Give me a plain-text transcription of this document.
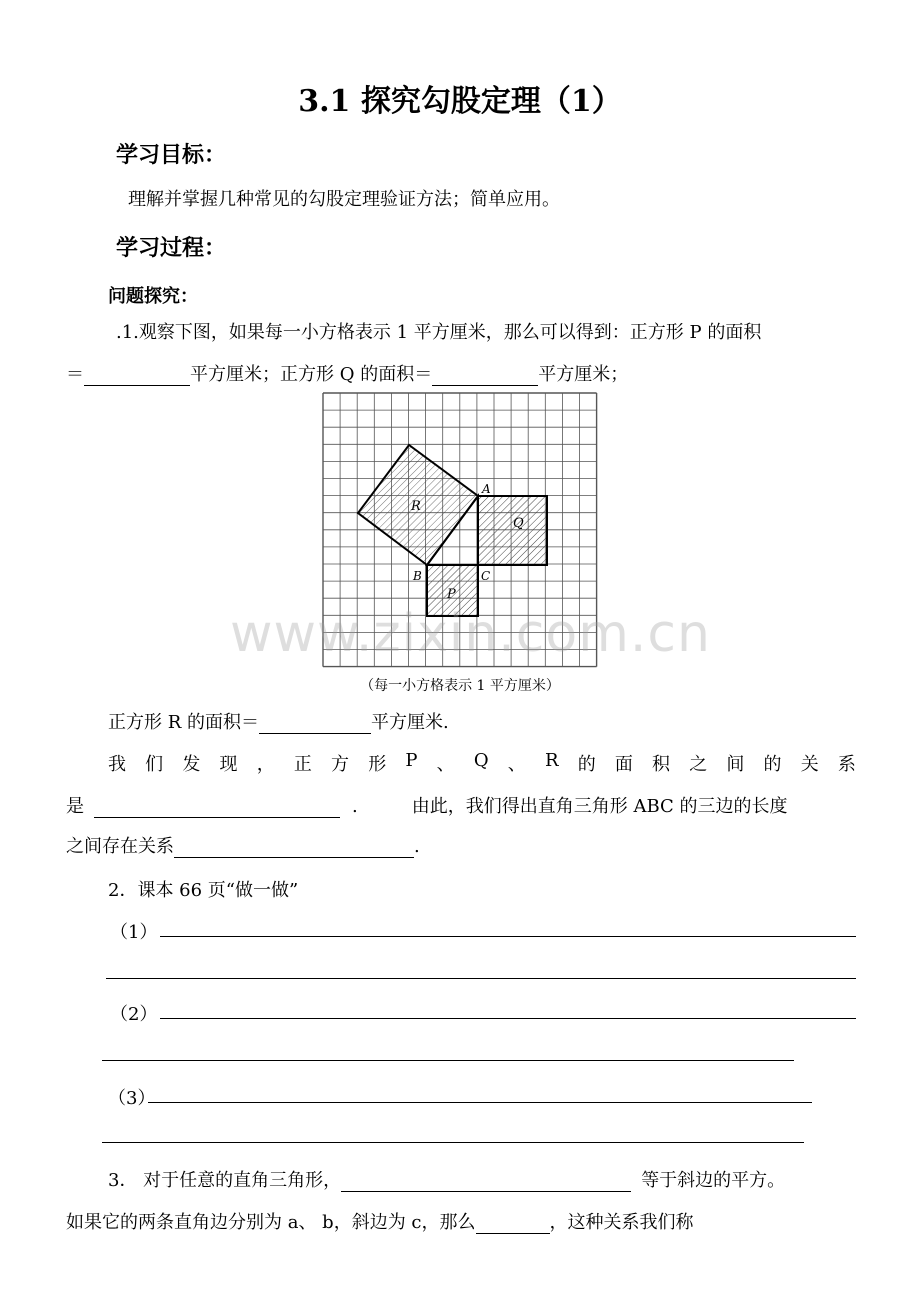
3.1 探究勾股定理（1）
学习目标：
理解并掌握几种常见的勾股定理验证方法；简单应用。
学习过程：
问题探究：
.1.观察下图，如果每一小方格表示 1 平方厘米，那么可以得到：正方形 P 的面积
＝	平方厘米；正方形 Q 的面积＝	平方厘米；
A
B	C
Q
R
P
（每一小方格表示 1 平方厘米）
www.zixin.com.cn
正方形 R 的面积＝	平方厘米.
我 们 发 现 ， 正 方 形 P 、 Q 、 R 的 面 积 之 间 的 关 系
是	.	由此，我们得出直角三角形 ABC 的三边的长度
之间存在关系	.
2．课本 66 页“做一做”
（1）
（2）
（3）
3． 对于任意的直角三角形，	等于斜边的平方。
如果它的两条直角边分别为 a、 b，斜边为 c，那么	，这种关系我们称
